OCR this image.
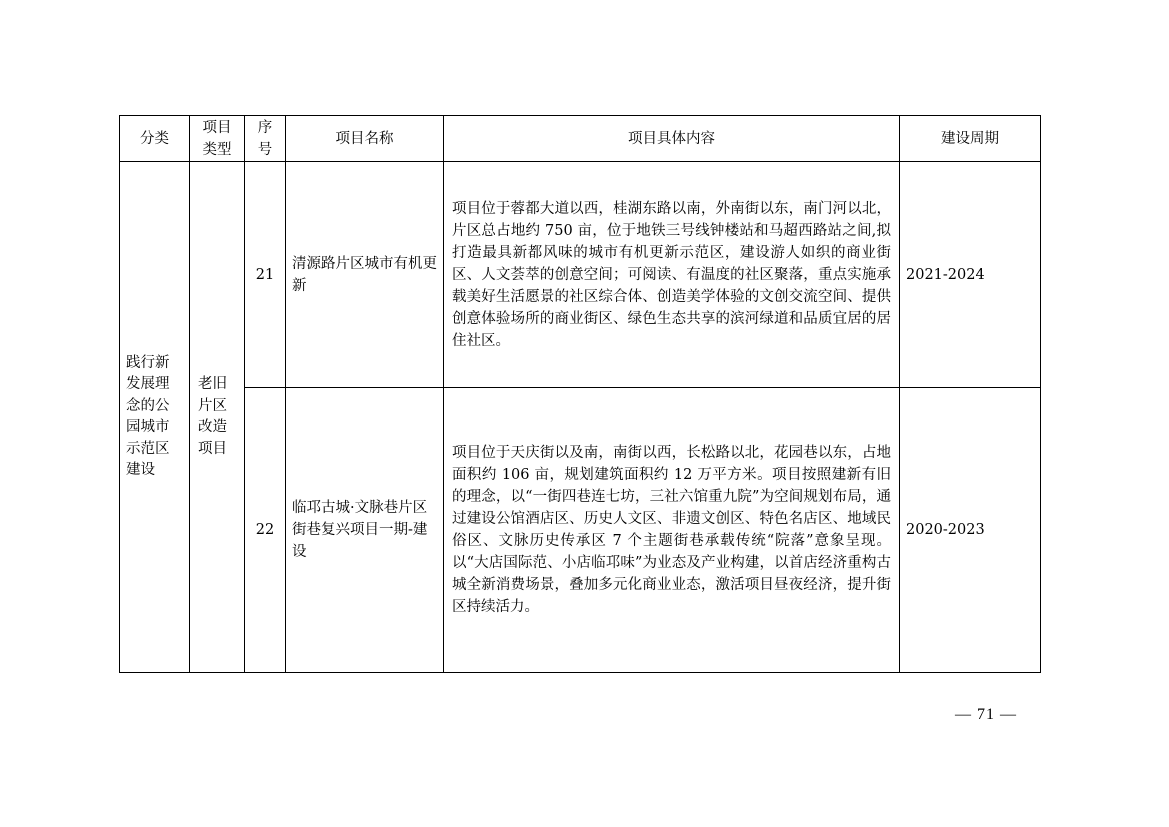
分类	项目类型	序号	项目名称	项目具体内容	建设周期
践行新发展理念的公园城市示范区建设	老旧片区改造项目	21	清源路片区城市有机更新	项目位于蓉都大道以西，桂湖东路以南，外南街以东，南门河以北，片区总占地约 750 亩，位于地铁三号线钟楼站和马超西路站之间,拟打造最具新都风味的城市有机更新示范区，建设游人如织的商业街区、人文荟萃的创意空间；可阅读、有温度的社区聚落，重点实施承载美好生活愿景的社区综合体、创造美学体验的文创交流空间、提供创意体验场所的商业街区、绿色生态共享的滨河绿道和品质宜居的居住社区。	2021-2024
		22	临邛古城·文脉巷片区街巷复兴项目一期-建设	项目位于天庆街以及南，南街以西，长松路以北，花园巷以东，占地面积约 106 亩，规划建筑面积约 12 万平方米。项目按照建新有旧的理念，以“一街四巷连七坊，三社六馆重九院”为空间规划布局，通过建设公馆酒店区、历史人文区、非遗文创区、特色名店区、地域民俗区、文脉历史传承区 7 个主题街巷承载传统“院落”意象呈现。以“大店国际范、小店临邛味”为业态及产业构建，以首店经济重构古城全新消费场景，叠加多元化商业业态，激活项目昼夜经济，提升街区持续活力。	2020-2023
— 71 —
